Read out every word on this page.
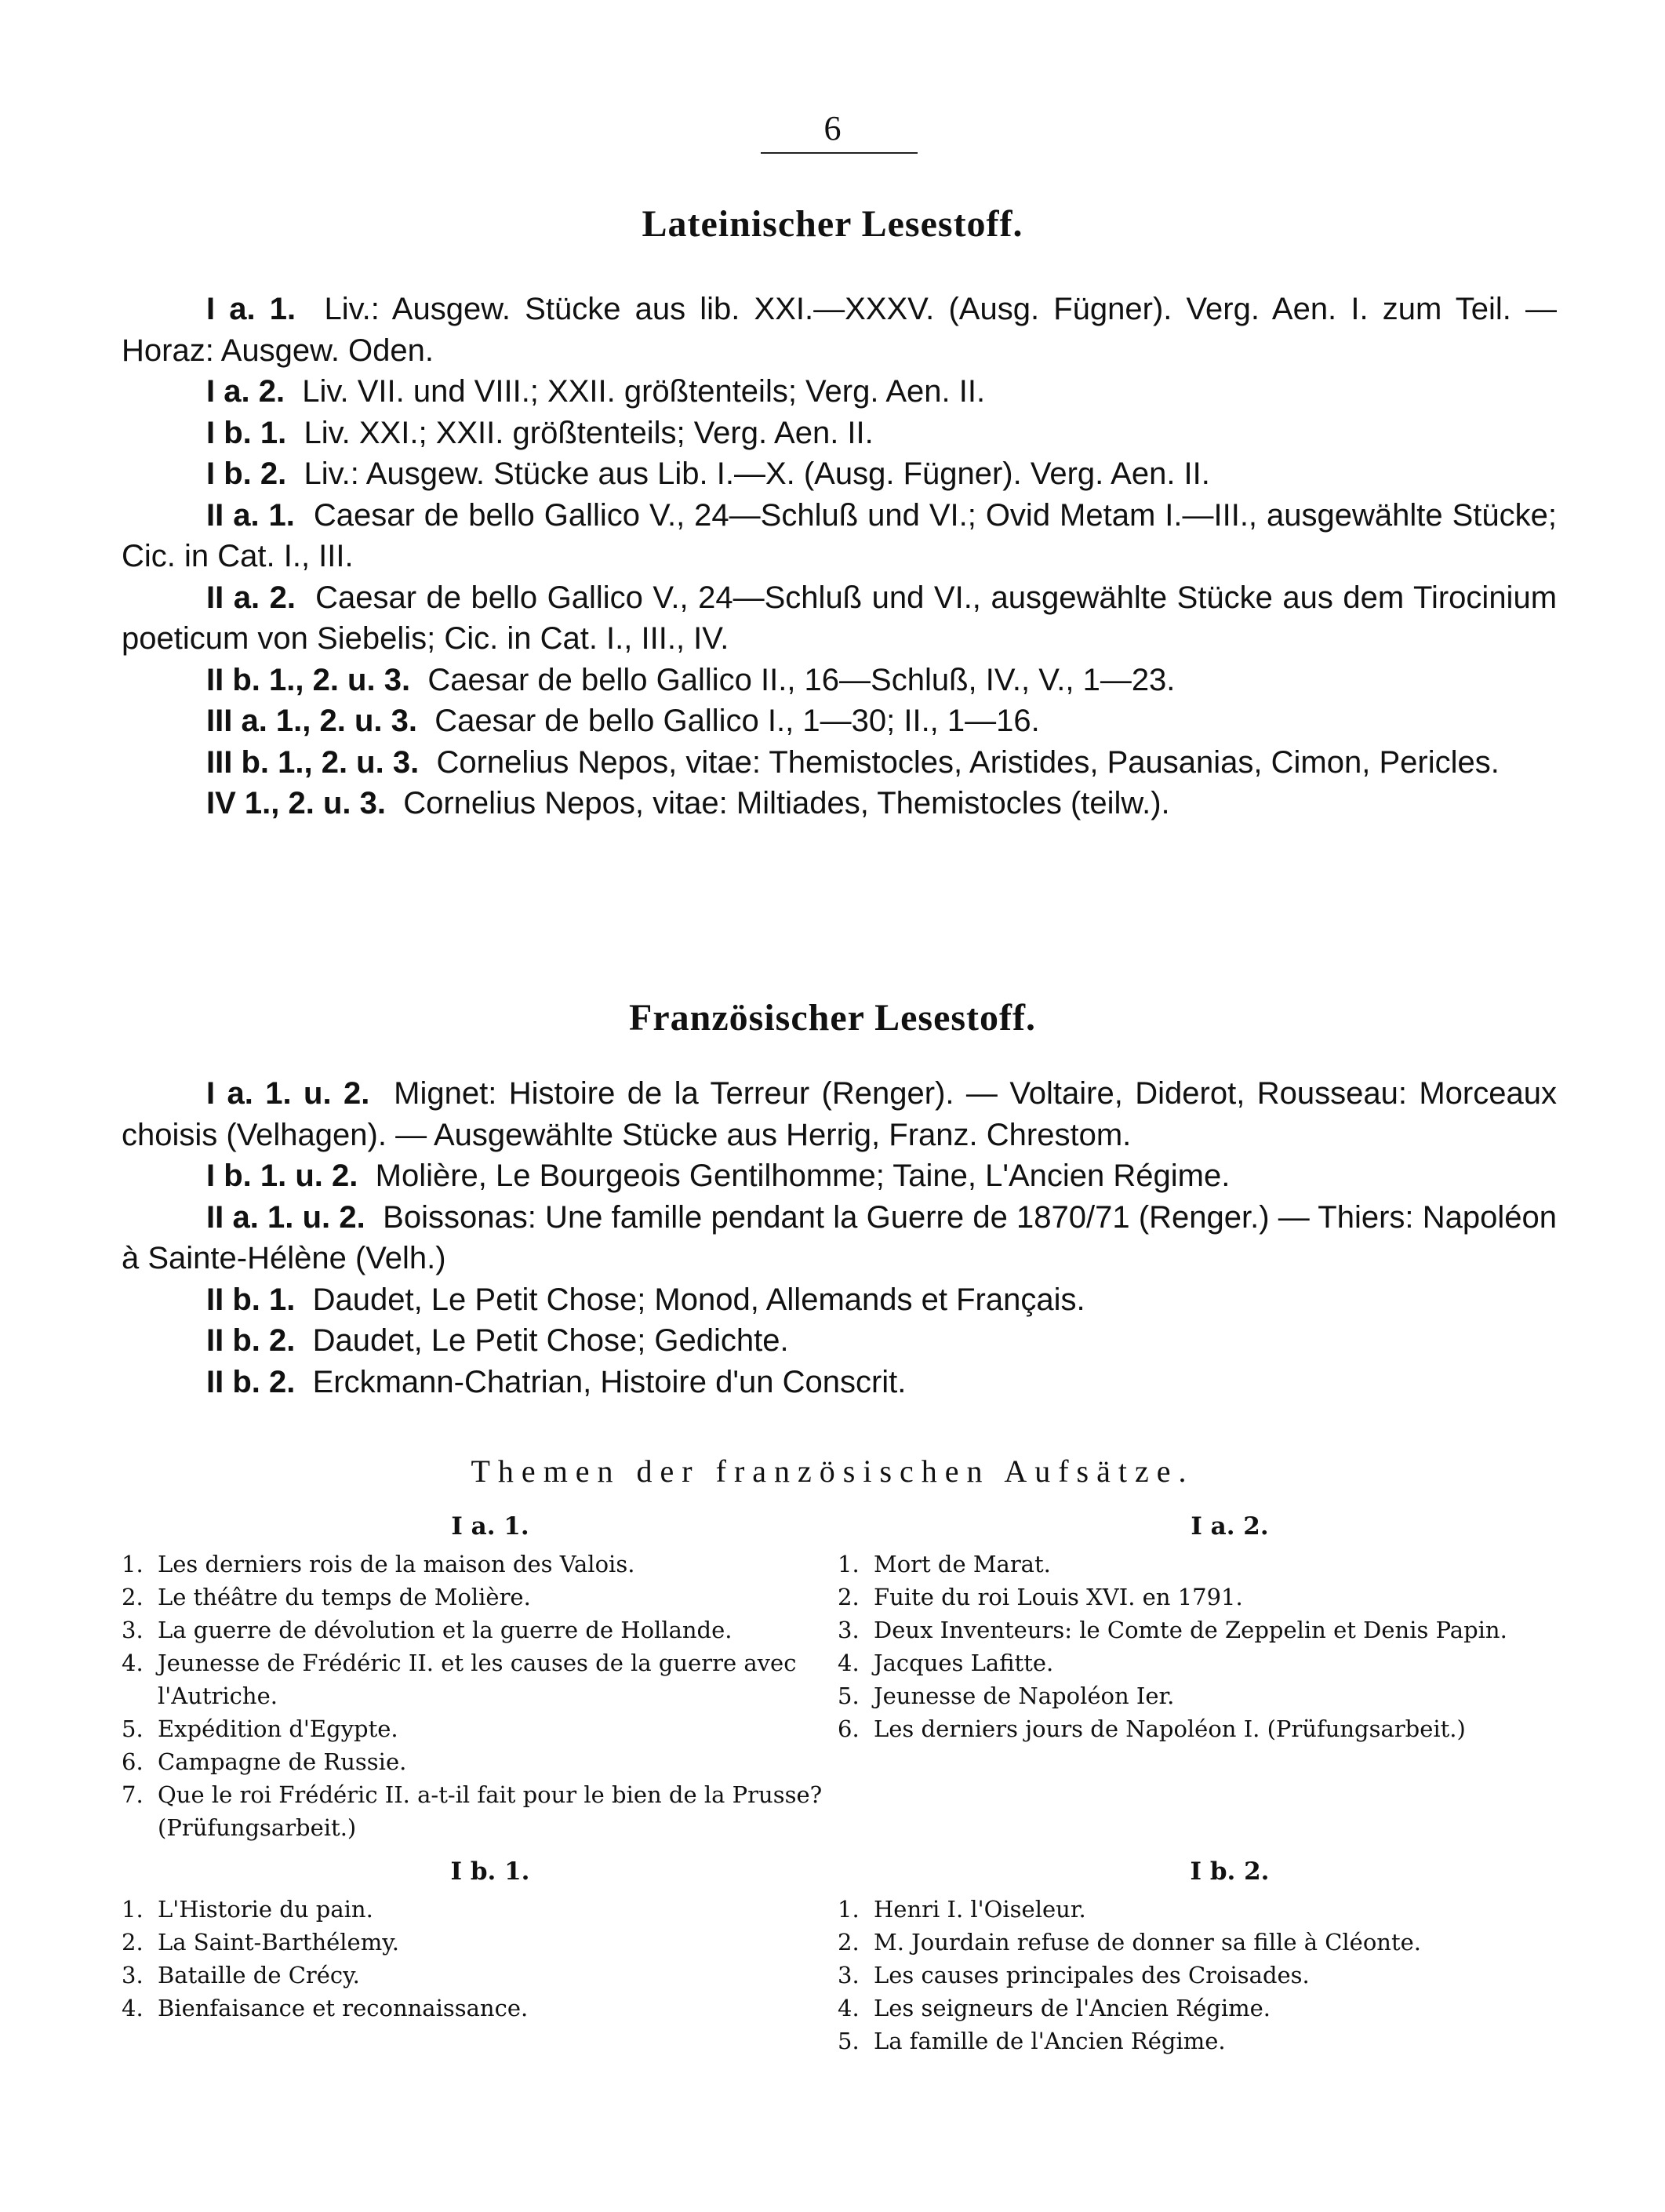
6
Lateinischer Lesestoff.

I a. 1. Liv.: Ausgew. Stücke aus lib. XXI.—XXXV. (Ausg. Fügner). Verg. Aen. I. zum Teil. — Horaz: Ausgew. Oden.

I a. 2. Liv. VII. und VIII.; XXII. größtenteils; Verg. Aen. II.

I b. 1. Liv. XXI.; XXII. größtenteils; Verg. Aen. II.

I b. 2. Liv.: Ausgew. Stücke aus Lib. I.—X. (Ausg. Fügner). Verg. Aen. II.

II a. 1. Caesar de bello Gallico V., 24—Schluß und VI.; Ovid Metam I.—III., ausgewählte Stücke; Cic. in Cat. I., III.

II a. 2. Caesar de bello Gallico V., 24—Schluß und VI., ausgewählte Stücke aus dem Tirocinium poeticum von Siebelis; Cic. in Cat. I., III., IV.

II b. 1., 2. u. 3. Caesar de bello Gallico II., 16—Schluß, IV., V., 1—23.

III a. 1., 2. u. 3. Caesar de bello Gallico I., 1—30; II., 1—16.

III b. 1., 2. u. 3. Cornelius Nepos, vitae: Themistocles, Aristides, Pausanias, Cimon, Pericles.

IV 1., 2. u. 3. Cornelius Nepos, vitae: Miltiades, Themistocles (teilw.).

Französischer Lesestoff.

I a. 1. u. 2. Mignet: Histoire de la Terreur (Renger). — Voltaire, Diderot, Rousseau: Morceaux choisis (Velhagen). — Ausgewählte Stücke aus Herrig, Franz. Chrestom.

I b. 1. u. 2. Molière, Le Bourgeois Gentilhomme; Taine, L'Ancien Régime.

II a. 1. u. 2. Boissonas: Une famille pendant la Guerre de 1870/71 (Renger.) — Thiers: Napoléon à Sainte-Hélène (Velh.)

II b. 1. Daudet, Le Petit Chose; Monod, Allemands et Français.

II b. 2. Daudet, Le Petit Chose; Gedichte.

II b. 2. Erckmann-Chatrian, Histoire d'un Conscrit.

Themen der französischen Aufsätze.

I a. 1.

1. Les derniers rois de la maison des Valois.
2. Le théâtre du temps de Molière.
3. La guerre de dévolution et la guerre de Hollande.
4. Jeunesse de Frédéric II. et les causes de la guerre avec l'Autriche.
5. Expédition d'Egypte.
6. Campagne de Russie.
7. Que le roi Frédéric II. a-t-il fait pour le bien de la Prusse? (Prüfungsarbeit.)

I a. 2.

1. Mort de Marat.
2. Fuite du roi Louis XVI. en 1791.
3. Deux Inventeurs: le Comte de Zeppelin et Denis Papin.
4. Jacques Lafitte.
5. Jeunesse de Napoléon Ier.
6. Les derniers jours de Napoléon I. (Prüfungsarbeit.)

I b. 1.

1. L'Historie du pain.
2. La Saint-Barthélemy.
3. Bataille de Crécy.
4. Bienfaisance et reconnaissance.

I b. 2.

1. Henri I. l'Oiseleur.
2. M. Jourdain refuse de donner sa fille à Cléonte.
3. Les causes principales des Croisades.
4. Les seigneurs de l'Ancien Régime.
5. La famille de l'Ancien Régime.
